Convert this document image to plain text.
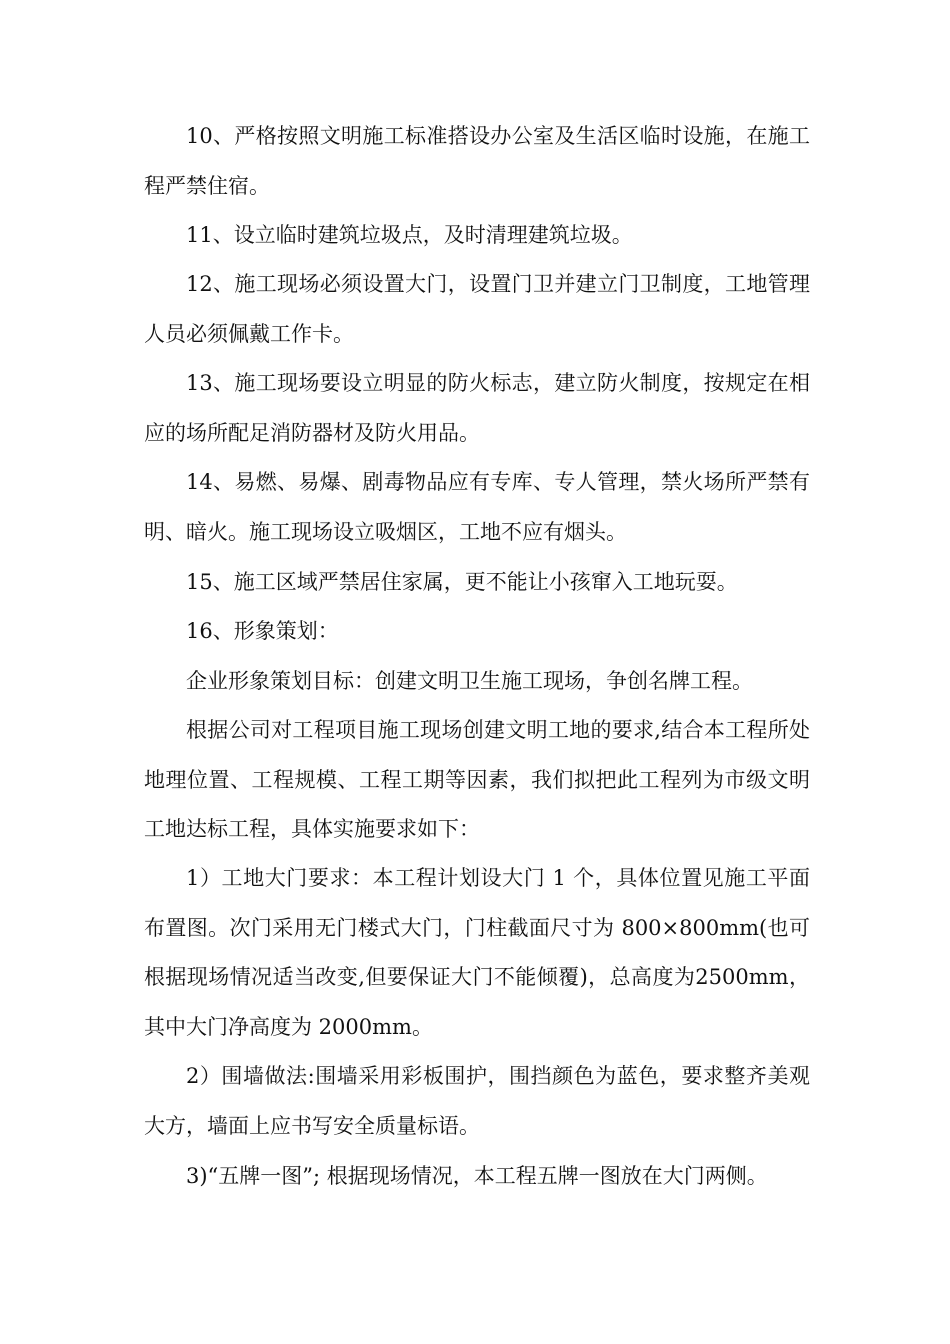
10、严格按照文明施工标准搭设办公室及生活区临时设施，在施工程严禁住宿。

11、设立临时建筑垃圾点，及时清理建筑垃圾。

12、施工现场必须设置大门，设置门卫并建立门卫制度，工地管理人员必须佩戴工作卡。

13、施工现场要设立明显的防火标志，建立防火制度，按规定在相应的场所配足消防器材及防火用品。

14、易燃、易爆、剧毒物品应有专库、专人管理，禁火场所严禁有明、暗火。施工现场设立吸烟区，工地不应有烟头。

15、施工区域严禁居住家属，更不能让小孩窜入工地玩耍。

16、形象策划：

企业形象策划目标：创建文明卫生施工现场，争创名牌工程。

根据公司对工程项目施工现场创建文明工地的要求,结合本工程所处地理位置、工程规模、工程工期等因素，我们拟把此工程列为市级文明工地达标工程，具体实施要求如下：

1）工地大门要求：本工程计划设大门 1 个，具体位置见施工平面布置图。次门采用无门楼式大门，门柱截面尺寸为 800×800mm(也可根据现场情况适当改变,但要保证大门不能倾覆)，总高度为2500mm，其中大门净高度为 2000mm。

2）围墙做法:围墙采用彩板围护，围挡颜色为蓝色，要求整齐美观大方，墙面上应书写安全质量标语。

3)“五牌一图”; 根据现场情况，本工程五牌一图放在大门两侧。
